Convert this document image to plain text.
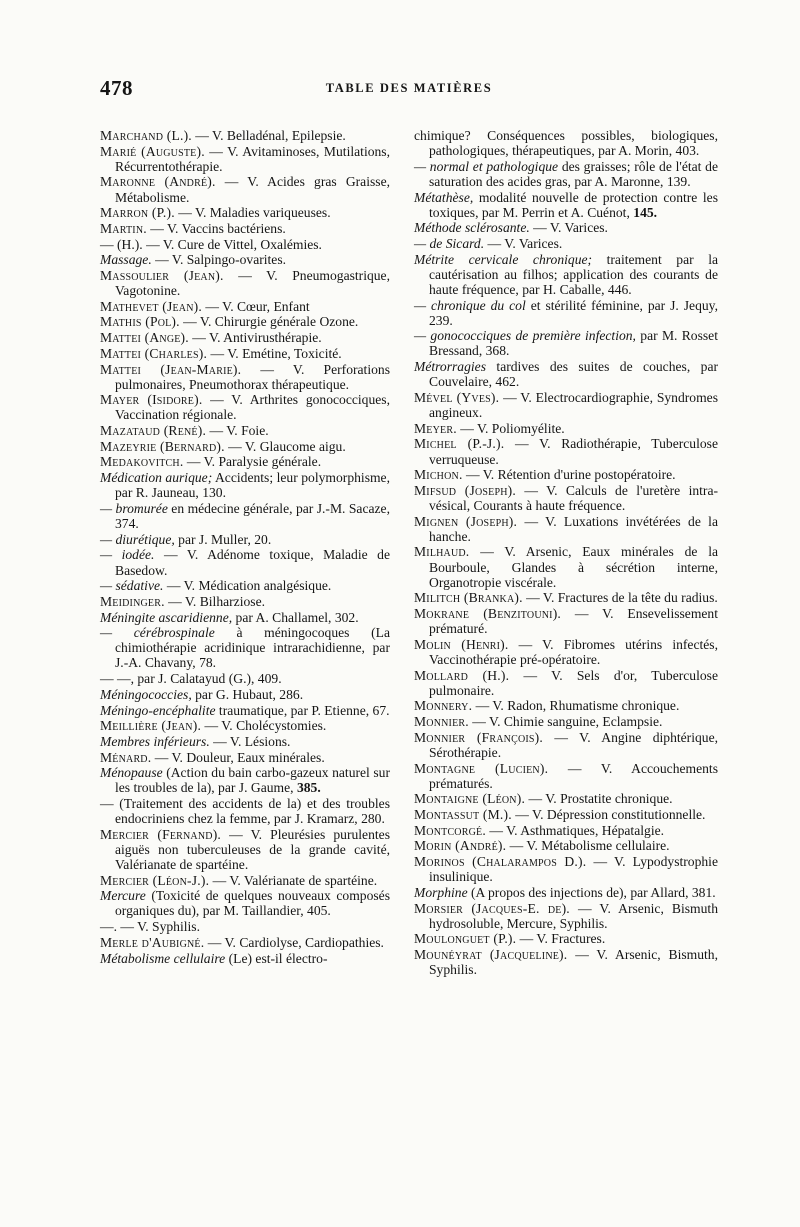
478	TABLE DES MATIÈRES

Marchand (L.). — V. Belladénal, Epilepsie.

Marié (Auguste). — V. Avitaminoses, Mutilations, Récurrentothérapie.

Maronne (André). — V. Acides gras Graisse, Métabolisme.

Marron (P.). — V. Maladies variqueuses.

Martin. — V. Vaccins bactériens.

— (H.). — V. Cure de Vittel, Oxalémies.

Massage. — V. Salpingo-ovarites.

Massoulier (Jean). — V. Pneumogastrique, Vagotonine.

Mathevet (Jean). — V. Cœur, Enfant

Mathis (Pol). — V. Chirurgie générale Ozone.

Mattei (Ange). — V. Antivirusthérapie.

Mattei (Charles). — V. Emétine, Toxicité.

Mattei (Jean-Marie). — V. Perforations pulmonaires, Pneumothorax thérapeutique.

Mayer (Isidore). — V. Arthrites gonococciques, Vaccination régionale.

Mazataud (René). — V. Foie.

Mazeyrie (Bernard). — V. Glaucome aigu.

Medakovitch. — V. Paralysie générale.

Médication aurique; Accidents; leur polymorphisme, par R. Jauneau, 130.

— bromurée en médecine générale, par J.-M. Sacaze, 374.

— diurétique, par J. Muller, 20.

— iodée. — V. Adénome toxique, Maladie de Basedow.

— sédative. — V. Médication analgésique.

Meidinger. — V. Bilharziose.

Méningite ascaridienne, par A. Challamel, 302.

— cérébrospinale à méningocoques (La chimiothérapie acridinique intrarachidienne, par J.-A. Chavany, 78.

— —, par J. Calatayud (G.), 409.

Méningococcies, par G. Hubaut, 286.

Méningo-encéphalite traumatique, par P. Etienne, 67.

Meillière (Jean). — V. Cholécystomies.

Membres inférieurs. — V. Lésions.

Ménard. — V. Douleur, Eaux minérales.

Ménopause (Action du bain carbo-gazeux naturel sur les troubles de la), par J. Gaume, 385.

— (Traitement des accidents de la) et des troubles endocriniens chez la femme, par J. Kramarz, 280.

Mercier (Fernand). — V. Pleurésies purulentes aiguës non tuberculeuses de la grande cavité, Valérianate de spartéine.

Mercier (Léon-J.). — V. Valérianate de spartéine.

Mercure (Toxicité de quelques nouveaux composés organiques du), par M. Taillandier, 405.

—. — V. Syphilis.

Merle d'Aubigné. — V. Cardiolyse, Cardiopathies.

Métabolisme cellulaire (Le) est-il électro-

chimique? Conséquences possibles, biologiques, pathologiques, thérapeutiques, par A. Morin, 403.

— normal et pathologique des graisses; rôle de l'état de saturation des acides gras, par A. Maronne, 139.

Métathèse, modalité nouvelle de protection contre les toxiques, par M. Perrin et A. Cuénot, 145.

Méthode sclérosante. — V. Varices.

— de Sicard. — V. Varices.

Métrite cervicale chronique; traitement par la cautérisation au filhos; application des courants de haute fréquence, par H. Caballe, 446.

— chronique du col et stérilité féminine, par J. Jequy, 239.

— gonococciques de première infection, par M. Rosset Bressand, 368.

Métrorragies tardives des suites de couches, par Couvelaire, 462.

Mével (Yves). — V. Electrocardiographie, Syndromes angineux.

Meyer. — V. Poliomyélite.

Michel (P.-J.). — V. Radiothérapie, Tuberculose verruqueuse.

Michon. — V. Rétention d'urine postopératoire.

Mifsud (Joseph). — V. Calculs de l'uretère intra-vésical, Courants à haute fréquence.

Mignen (Joseph). — V. Luxations invétérées de la hanche.

Milhaud. — V. Arsenic, Eaux minérales de la Bourboule, Glandes à sécrétion interne, Organotropie viscérale.

Militch (Branka). — V. Fractures de la tête du radius.

Mokrane (Benzitouni). — V. Ensevelissement prématuré.

Molin (Henri). — V. Fibromes utérins infectés, Vaccinothérapie pré-opératoire.

Mollard (H.). — V. Sels d'or, Tuberculose pulmonaire.

Monnery. — V. Radon, Rhumatisme chronique.

Monnier. — V. Chimie sanguine, Eclampsie.

Monnier (François). — V. Angine diphtérique, Sérothérapie.

Montagne (Lucien). — V. Accouchements prématurés.

Montaigne (Léon). — V. Prostatite chronique.

Montassut (M.). — V. Dépression constitutionnelle.

Montcorgé. — V. Asthmatiques, Hépatalgie.

Morin (André). — V. Métabolisme cellulaire.

Morinos (Chalarampos D.). — V. Lypodystrophie insulinique.

Morphine (A propos des injections de), par Allard, 381.

Morsier (Jacques-E. de). — V. Arsenic, Bismuth hydrosoluble, Mercure, Syphilis.

Moulonguet (P.). — V. Fractures.

Mounéyrat (Jacqueline). — V. Arsenic, Bismuth, Syphilis.
